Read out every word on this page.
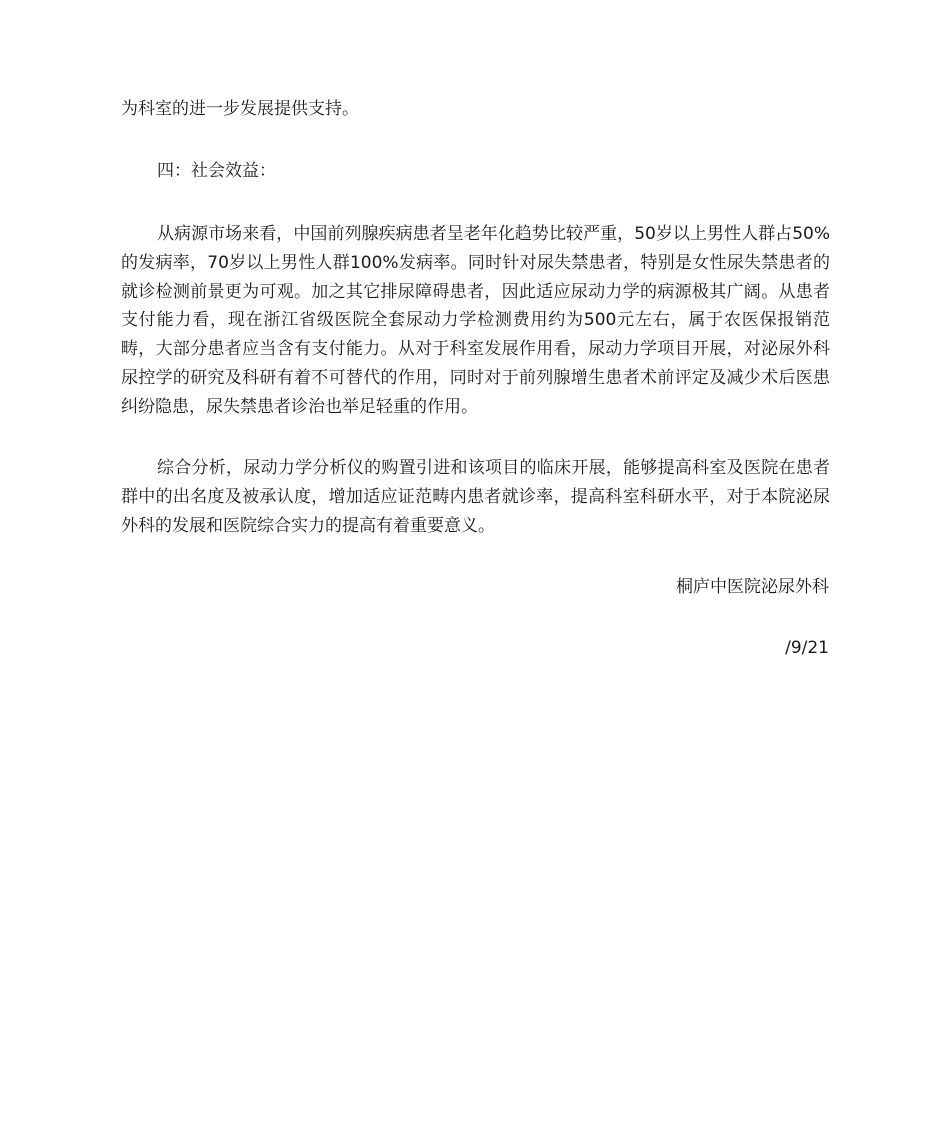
为科室的进一步发展提供支持。
四：社会效益：

从病源市场来看，中国前列腺疾病患者呈老年化趋势比较严重，50岁以上男性人群占50%的发病率，70岁以上男性人群100%发病率。同时针对尿失禁患者，特别是女性尿失禁患者的就诊检测前景更为可观。加之其它排尿障碍患者，因此适应尿动力学的病源极其广阔。从患者支付能力看，现在浙江省级医院全套尿动力学检测费用约为500元左右，属于农医保报销范畴，大部分患者应当含有支付能力。从对于科室发展作用看，尿动力学项目开展，对泌尿外科尿控学的研究及科研有着不可替代的作用，同时对于前列腺增生患者术前评定及减少术后医患纠纷隐患，尿失禁患者诊治也举足轻重的作用。

综合分析，尿动力学分析仪的购置引进和该项目的临床开展，能够提高科室及医院在患者群中的出名度及被承认度，增加适应证范畴内患者就诊率，提高科室科研水平，对于本院泌尿外科的发展和医院综合实力的提高有着重要意义。

桐庐中医院泌尿外科
/9/21
